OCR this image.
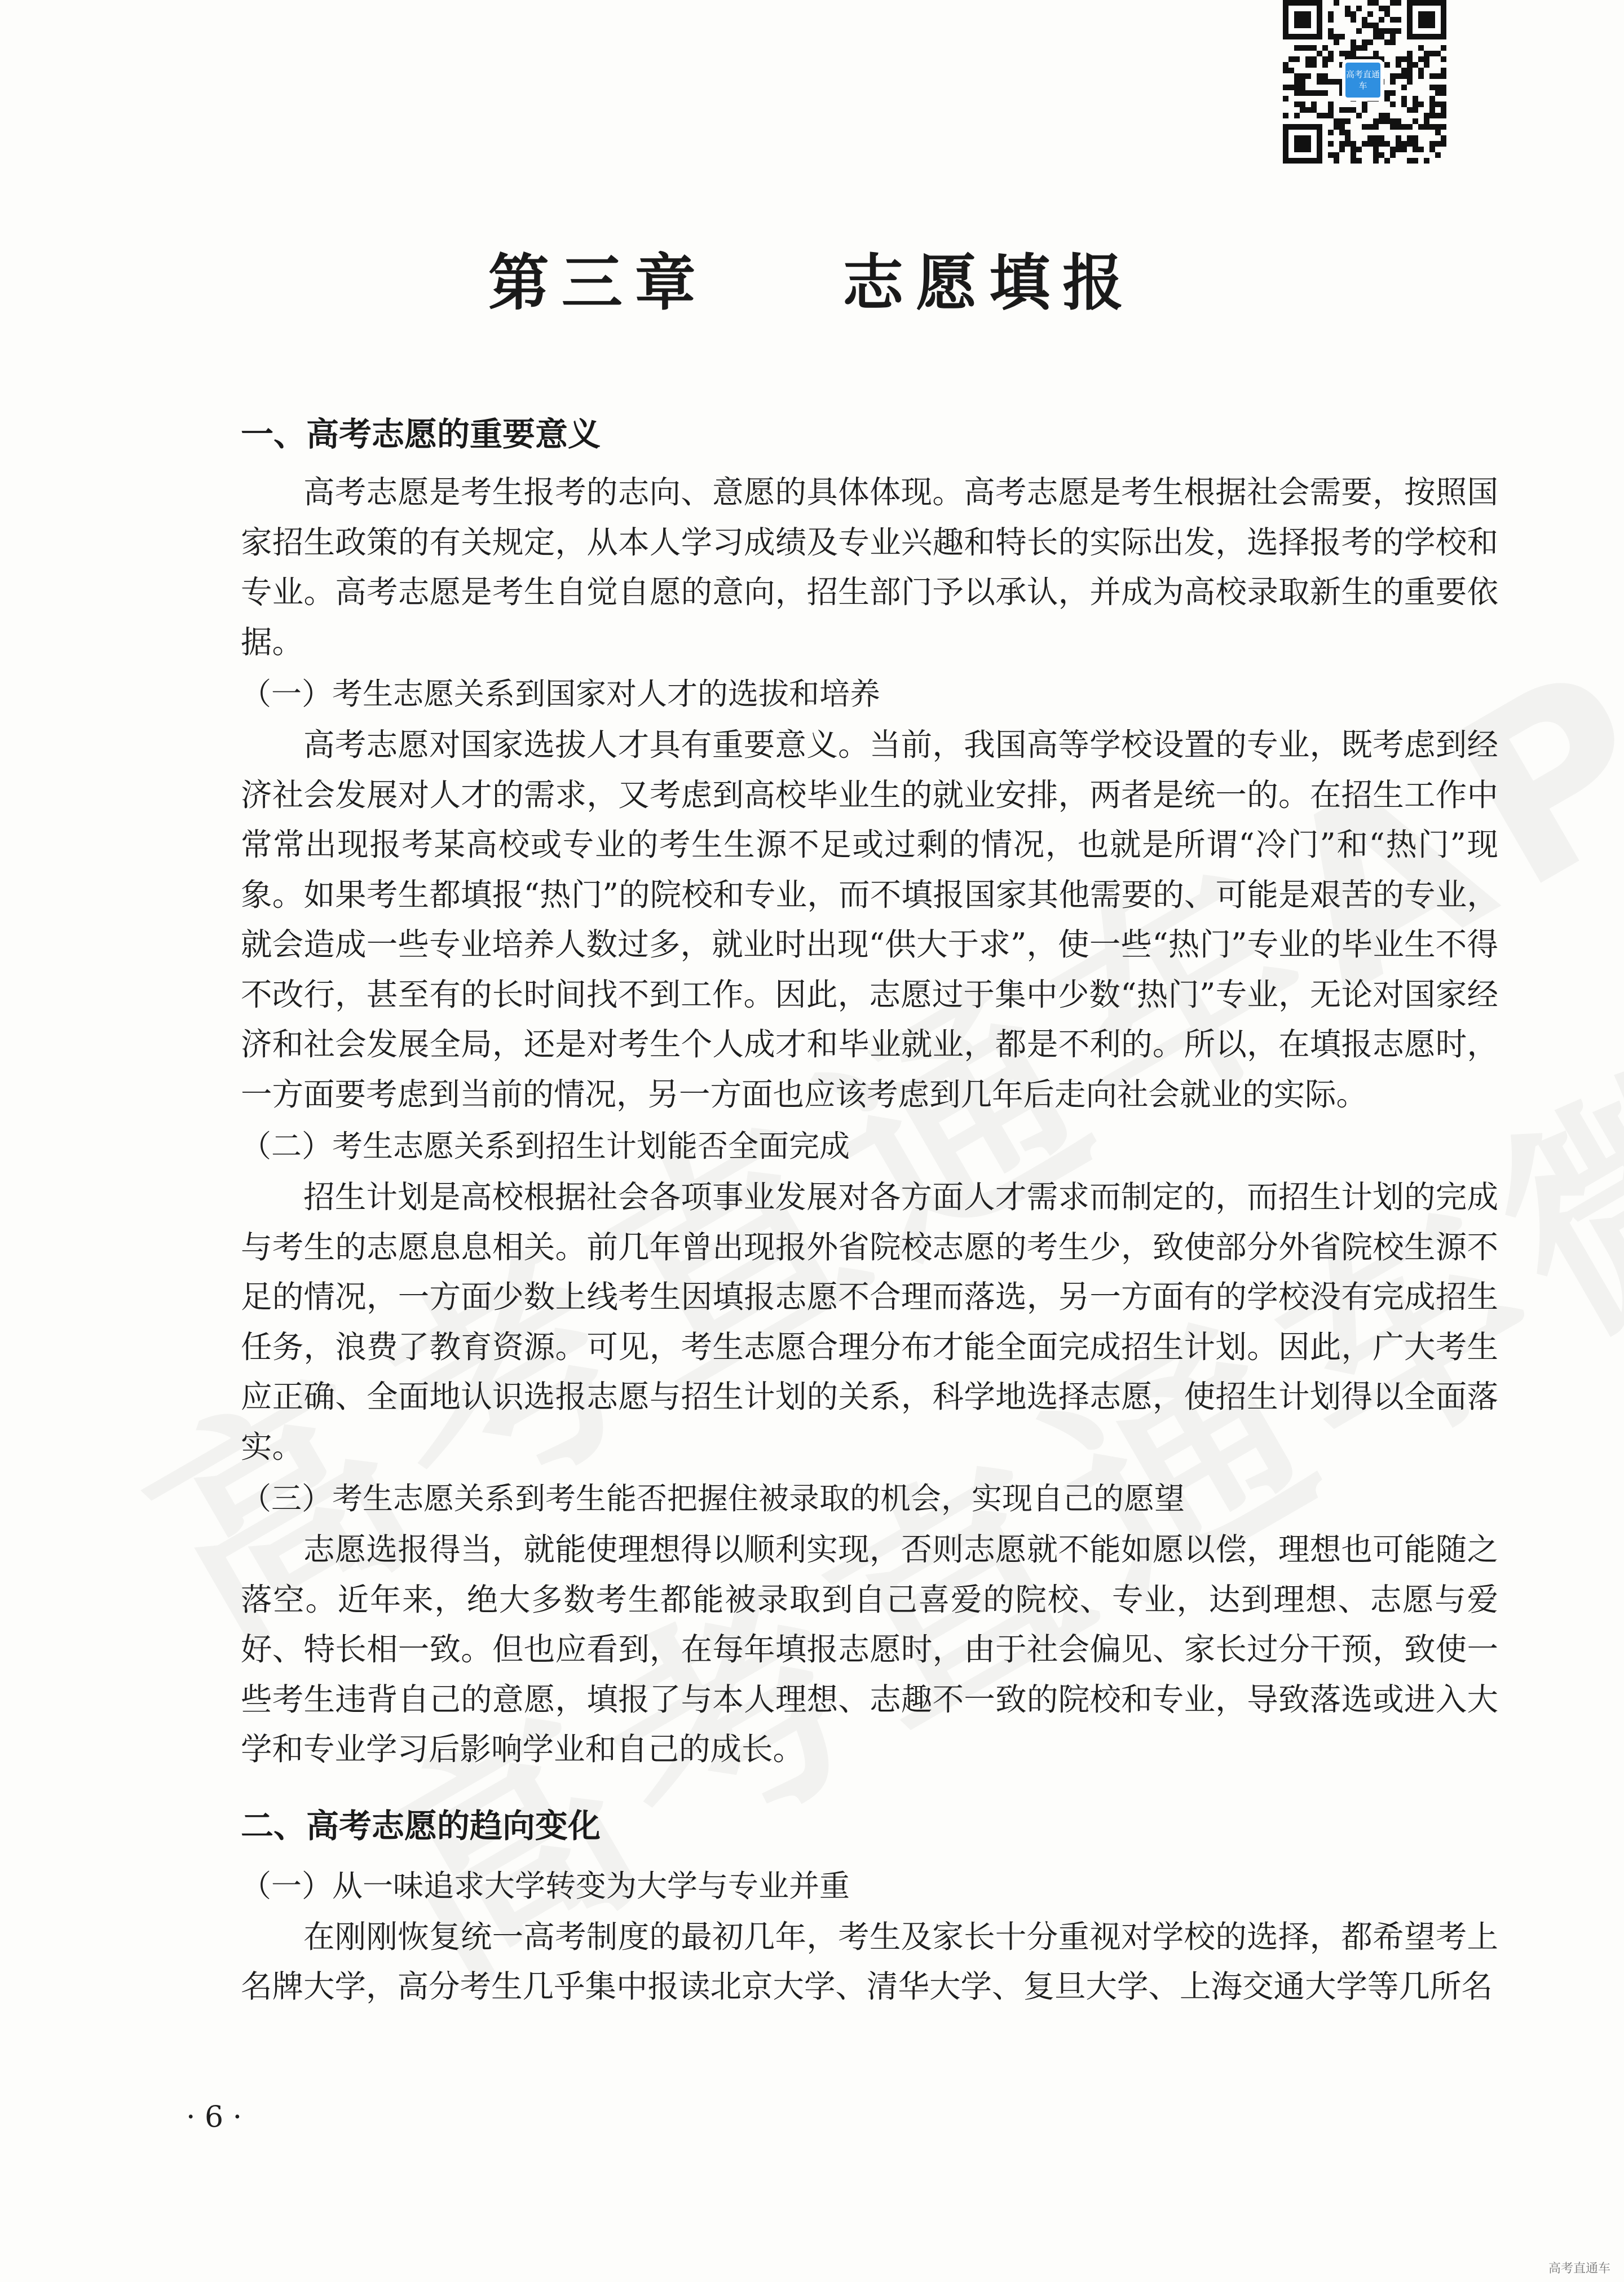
高考直通车
第三章    志愿填报
一、高考志愿的重要意义

高考志愿是考生报考的志向、意愿的具体体现。高考志愿是考生根据社会需要，按照国家招生政策的有关规定，从本人学习成绩及专业兴趣和特长的实际出发，选择报考的学校和专业。高考志愿是考生自觉自愿的意向，招生部门予以承认，并成为高校录取新生的重要依据。

（一）考生志愿关系到国家对人才的选拔和培养

高考志愿对国家选拔人才具有重要意义。当前，我国高等学校设置的专业，既考虑到经济社会发展对人才的需求，又考虑到高校毕业生的就业安排，两者是统一的。在招生工作中常常出现报考某高校或专业的考生生源不足或过剩的情况，也就是所谓“冷门”和“热门”现象。如果考生都填报“热门”的院校和专业，而不填报国家其他需要的、可能是艰苦的专业，就会造成一些专业培养人数过多，就业时出现“供大于求”，使一些“热门”专业的毕业生不得不改行，甚至有的长时间找不到工作。因此，志愿过于集中少数“热门”专业，无论对国家经济和社会发展全局，还是对考生个人成才和毕业就业，都是不利的。所以，在填报志愿时，一方面要考虑到当前的情况，另一方面也应该考虑到几年后走向社会就业的实际。

（二）考生志愿关系到招生计划能否全面完成

招生计划是高校根据社会各项事业发展对各方面人才需求而制定的，而招生计划的完成与考生的志愿息息相关。前几年曾出现报外省院校志愿的考生少，致使部分外省院校生源不足的情况，一方面少数上线考生因填报志愿不合理而落选，另一方面有的学校没有完成招生任务，浪费了教育资源。可见，考生志愿合理分布才能全面完成招生计划。因此，广大考生应正确、全面地认识选报志愿与招生计划的关系，科学地选择志愿，使招生计划得以全面落实。

（三）考生志愿关系到考生能否把握住被录取的机会，实现自己的愿望

志愿选报得当，就能使理想得以顺利实现，否则志愿就不能如愿以偿，理想也可能随之落空。近年来，绝大多数考生都能被录取到自己喜爱的院校、专业，达到理想、志愿与爱好、特长相一致。但也应看到，在每年填报志愿时，由于社会偏见、家长过分干预，致使一些考生违背自己的意愿，填报了与本人理想、志趣不一致的院校和专业，导致落选或进入大学和专业学习后影响学业和自己的成长。

二、高考志愿的趋向变化
（一）从一味追求大学转变为大学与专业并重

在刚刚恢复统一高考制度的最初几年，考生及家长十分重视对学校的选择，都希望考上名牌大学，高分考生几乎集中报读北京大学、清华大学、复旦大学、上海交通大学等几所名

· 6 ·
高考直通车
